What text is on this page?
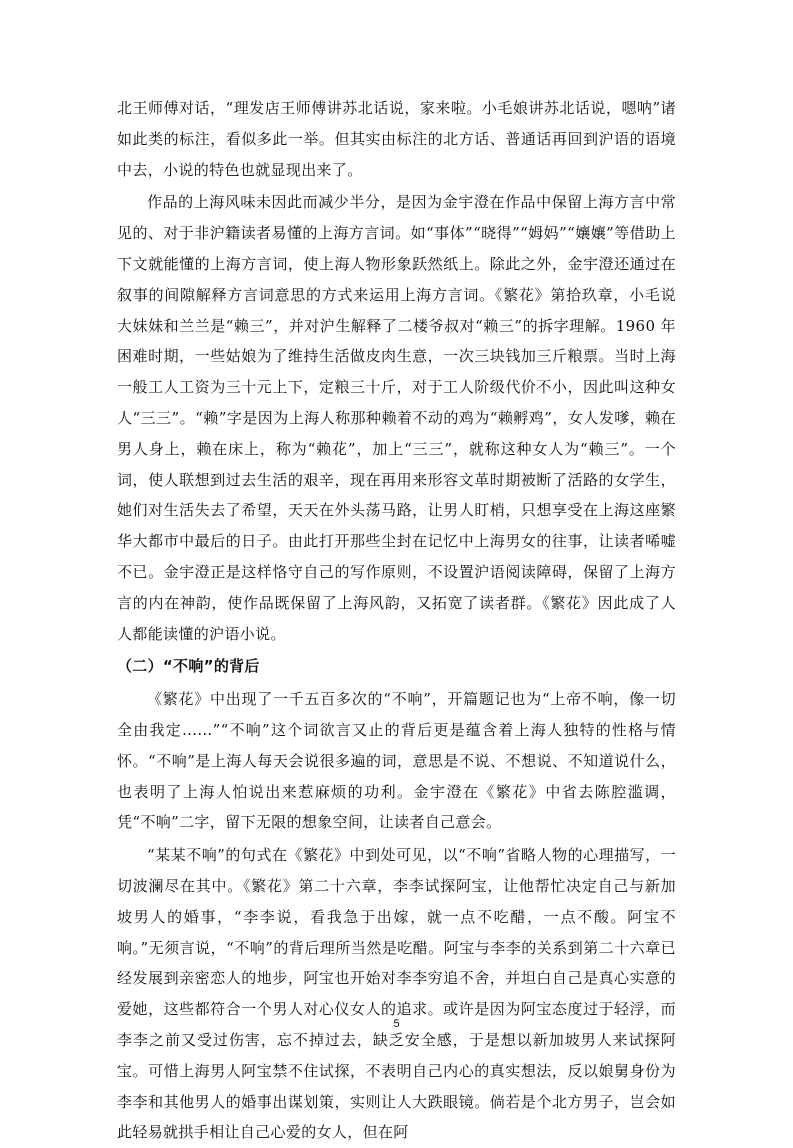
北王师傅对话，“理发店王师傅讲苏北话说，家来啦。小毛娘讲苏北话说，嗯呐”诸如此类的标注，看似多此一举。但其实由标注的北方话、普通话再回到沪语的语境中去，小说的特色也就显现出来了。

作品的上海风味未因此而减少半分，是因为金宇澄在作品中保留上海方言中常见的、对于非沪籍读者易懂的上海方言词。如“事体”“晓得”“姆妈”“孃孃”等借助上下文就能懂的上海方言词，使上海人物形象跃然纸上。除此之外，金宇澄还通过在叙事的间隙解释方言词意思的方式来运用上海方言词。《繁花》第拾玖章，小毛说大妹妹和兰兰是“赖三”，并对沪生解释了二楼爷叔对“赖三”的拆字理解。1960 年困难时期，一些姑娘为了维持生活做皮肉生意，一次三块钱加三斤粮票。当时上海一般工人工资为三十元上下，定粮三十斤，对于工人阶级代价不小，因此叫这种女人“三三”。“赖”字是因为上海人称那种赖着不动的鸡为“赖孵鸡”，女人发嗲，赖在男人身上，赖在床上，称为“赖花”，加上“三三”，就称这种女人为“赖三”。一个词，使人联想到过去生活的艰辛，现在再用来形容文革时期被断了活路的女学生，她们对生活失去了希望，天天在外头荡马路，让男人盯梢，只想享受在上海这座繁华大都市中最后的日子。由此打开那些尘封在记忆中上海男女的往事，让读者唏嘘不已。金宇澄正是这样恪守自己的写作原则，不设置沪语阅读障碍，保留了上海方言的内在神韵，使作品既保留了上海风韵，又拓宽了读者群。《繁花》因此成了人人都能读懂的沪语小说。

（二）“不响”的背后

《繁花》中出现了一千五百多次的“不响”，开篇题记也为“上帝不响，像一切全由我定……”“不响”这个词欲言又止的背后更是蕴含着上海人独特的性格与情怀。“不响”是上海人每天会说很多遍的词，意思是不说、不想说、不知道说什么，也表明了上海人怕说出来惹麻烦的功利。金宇澄在《繁花》中省去陈腔滥调，凭“不响”二字，留下无限的想象空间，让读者自己意会。

“某某不响”的句式在《繁花》中到处可见，以“不响”省略人物的心理描写，一切波澜尽在其中。《繁花》第二十六章，李李试探阿宝，让他帮忙决定自己与新加坡男人的婚事，“李李说，看我急于出嫁，就一点不吃醋，一点不酸。阿宝不响。”无须言说，“不响”的背后理所当然是吃醋。阿宝与李李的关系到第二十六章已经发展到亲密恋人的地步，阿宝也开始对李李穷追不舍，并坦白自己是真心实意的爱她，这些都符合一个男人对心仪女人的追求。或许是因为阿宝态度过于轻浮，而李李之前又受过伤害，忘不掉过去，缺乏安全感，于是想以新加坡男人来试探阿宝。可惜上海男人阿宝禁不住试探，不表明自己内心的真实想法，反以娘舅身份为李李和其他男人的婚事出谋划策，实则让人大跌眼镜。倘若是个北方男子，岂会如此轻易就拱手相让自己心爱的女人，但在阿

5
